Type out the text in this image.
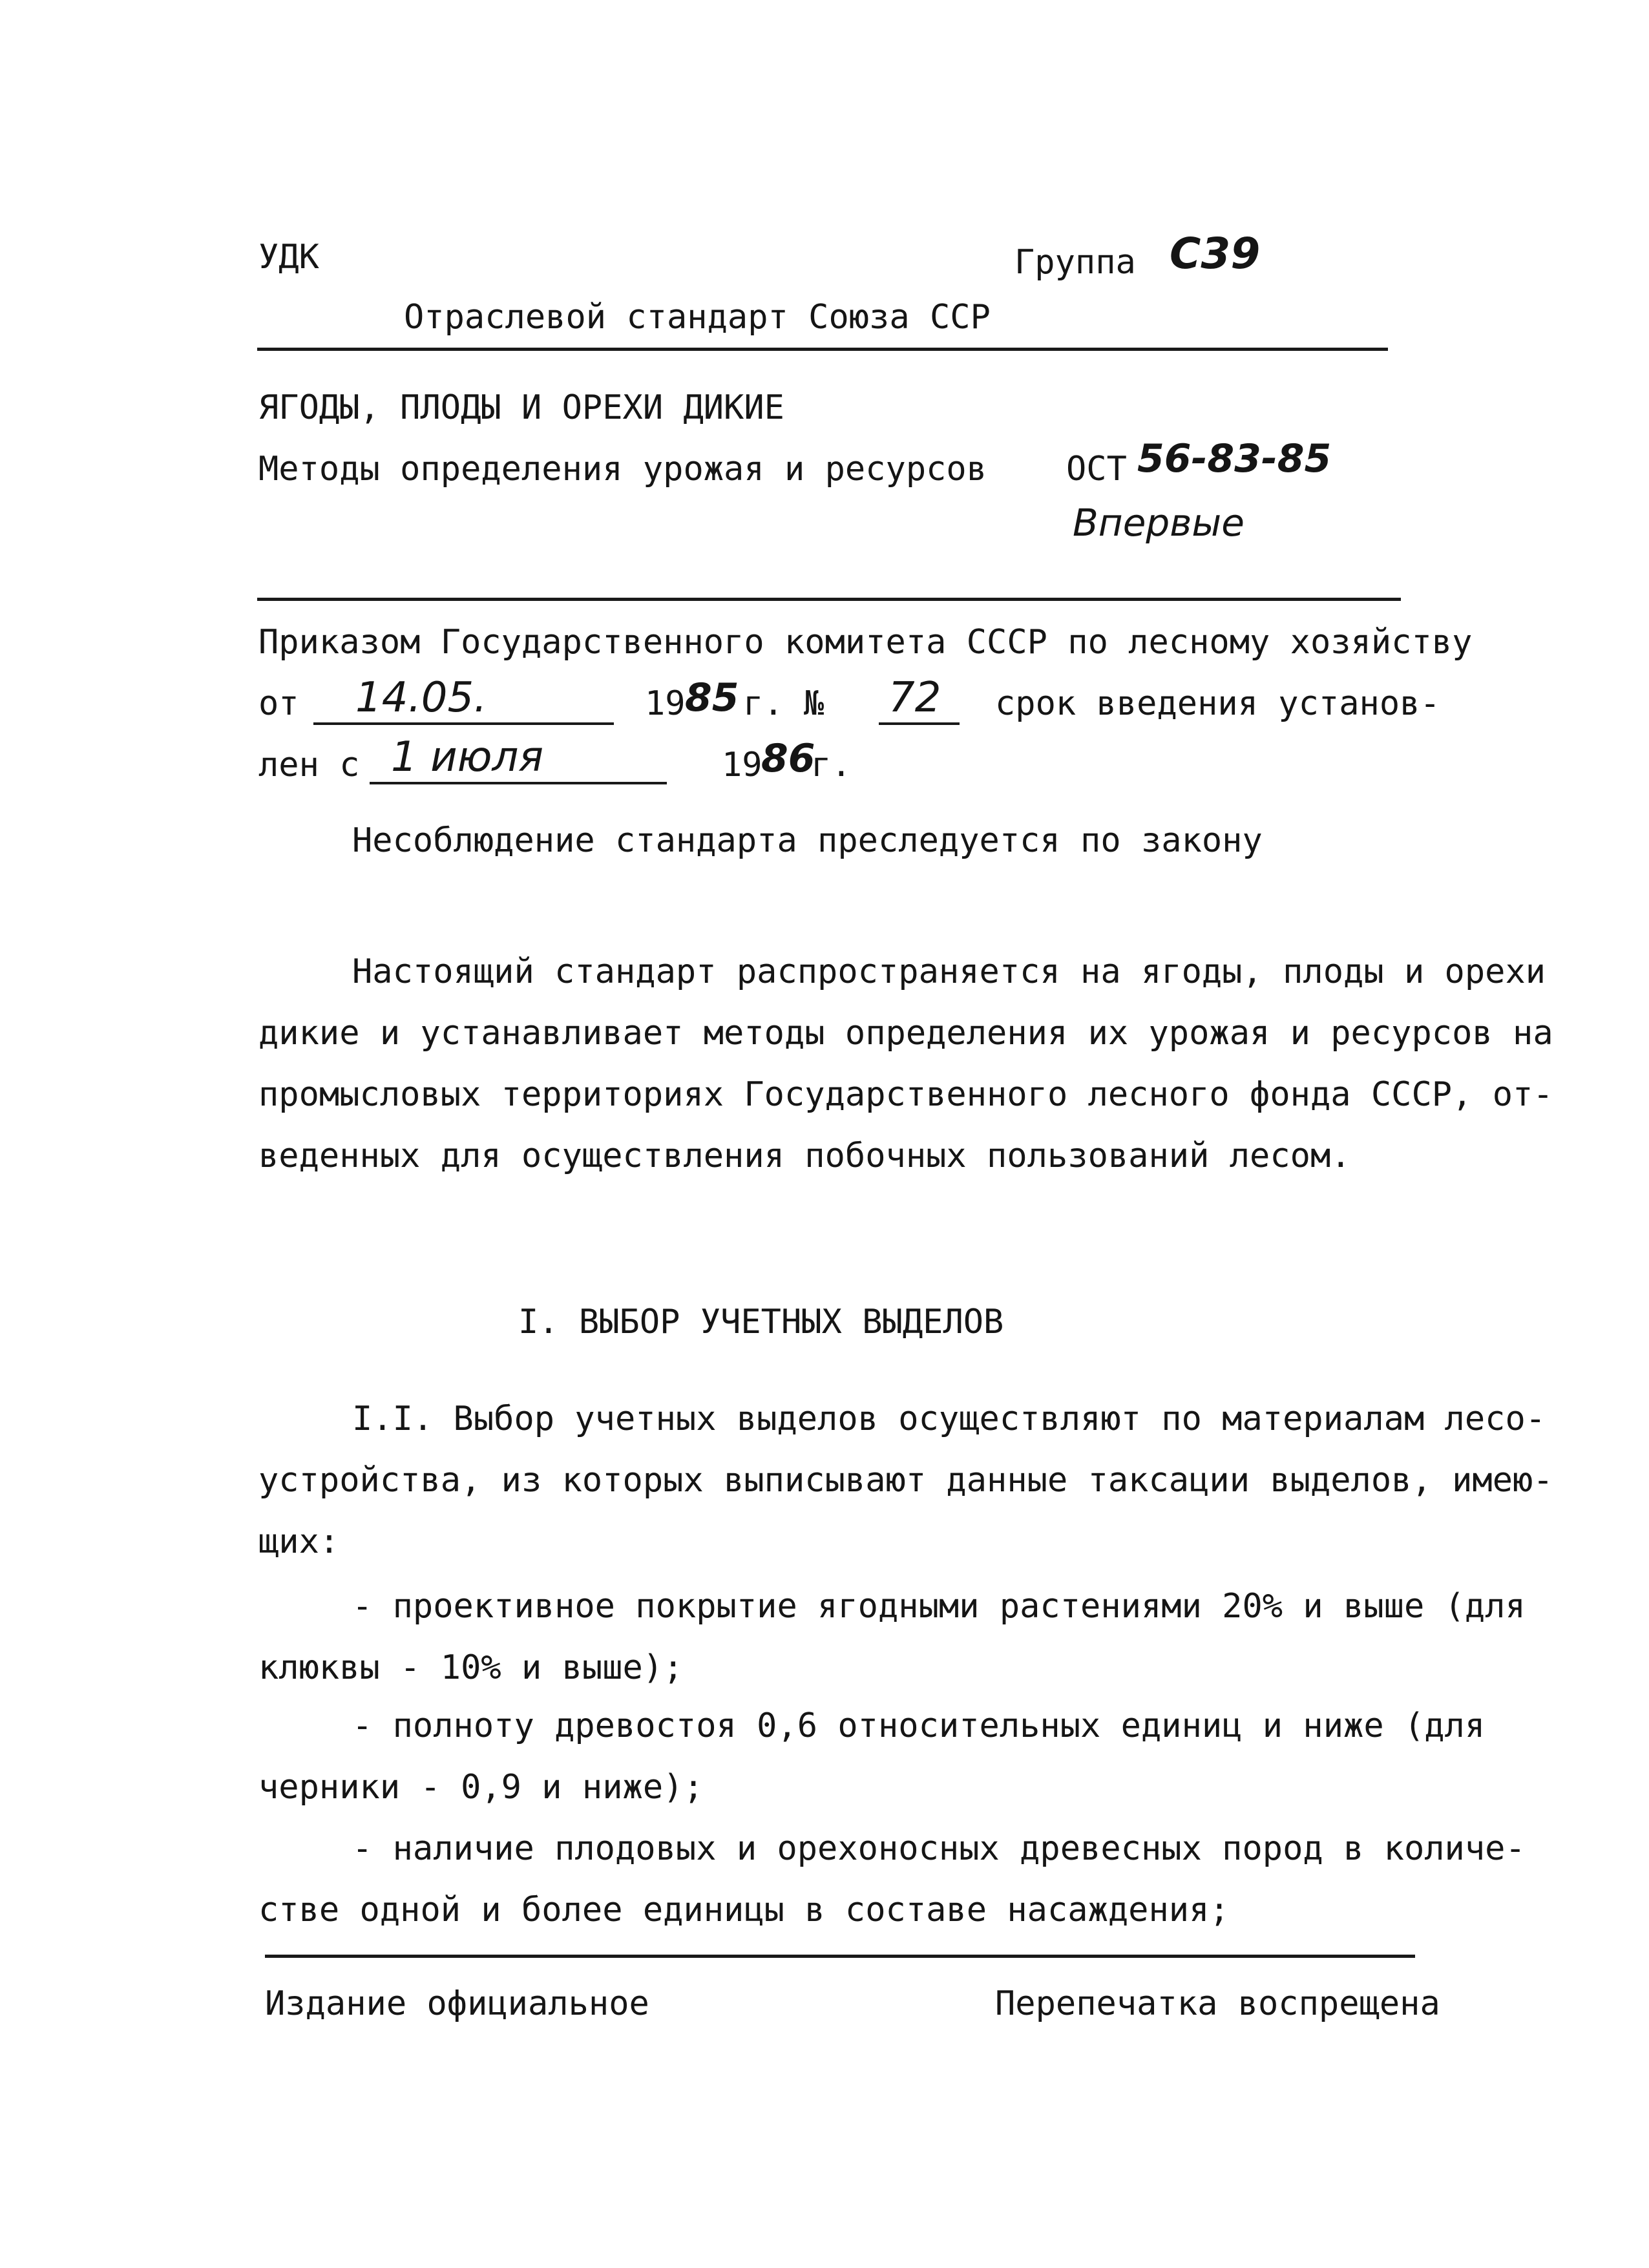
УДК	Группа С39
Отраслевой стандарт Союза ССР
ЯГОДЫ, ПЛОДЫ И ОРЕХИ ДИКИЕ
Методы определения урожая и ресурсов ОСТ 56-83-85
Впервые
Приказом Государственного комитета СССР по лесному хозяйству
от 14.05.	19 85 г. № 72 срок введения установ-
лен с 1 июля	19
86
г.
Несоблюдение стандарта преследуется по закону
Настоящий стандарт распространяется на ягоды, плоды и орехи
дикие и устанавливает методы определения их урожая и ресурсов на
промысловых территориях Государственного лесного фонда СССР, от-
веденных для осуществления побочных пользований лесом.
I. ВЫБОР УЧЕТНЫХ ВЫДЕЛОВ
I.I. Выбор учетных выделов осуществляют по материалам лесо-
устройства, из которых выписывают данные таксации выделов, имею-
щих:
- проективное покрытие ягодными растениями 20% и выше (для
клюквы - 10% и выше);
- полноту древостоя 0,6 относительных единиц и ниже (для
черники - 0,9 и ниже);
- наличие плодовых и орехоносных древесных пород в количе-
стве одной и более единицы в составе насаждения;
Издание официальное	Перепечатка воспрещена
